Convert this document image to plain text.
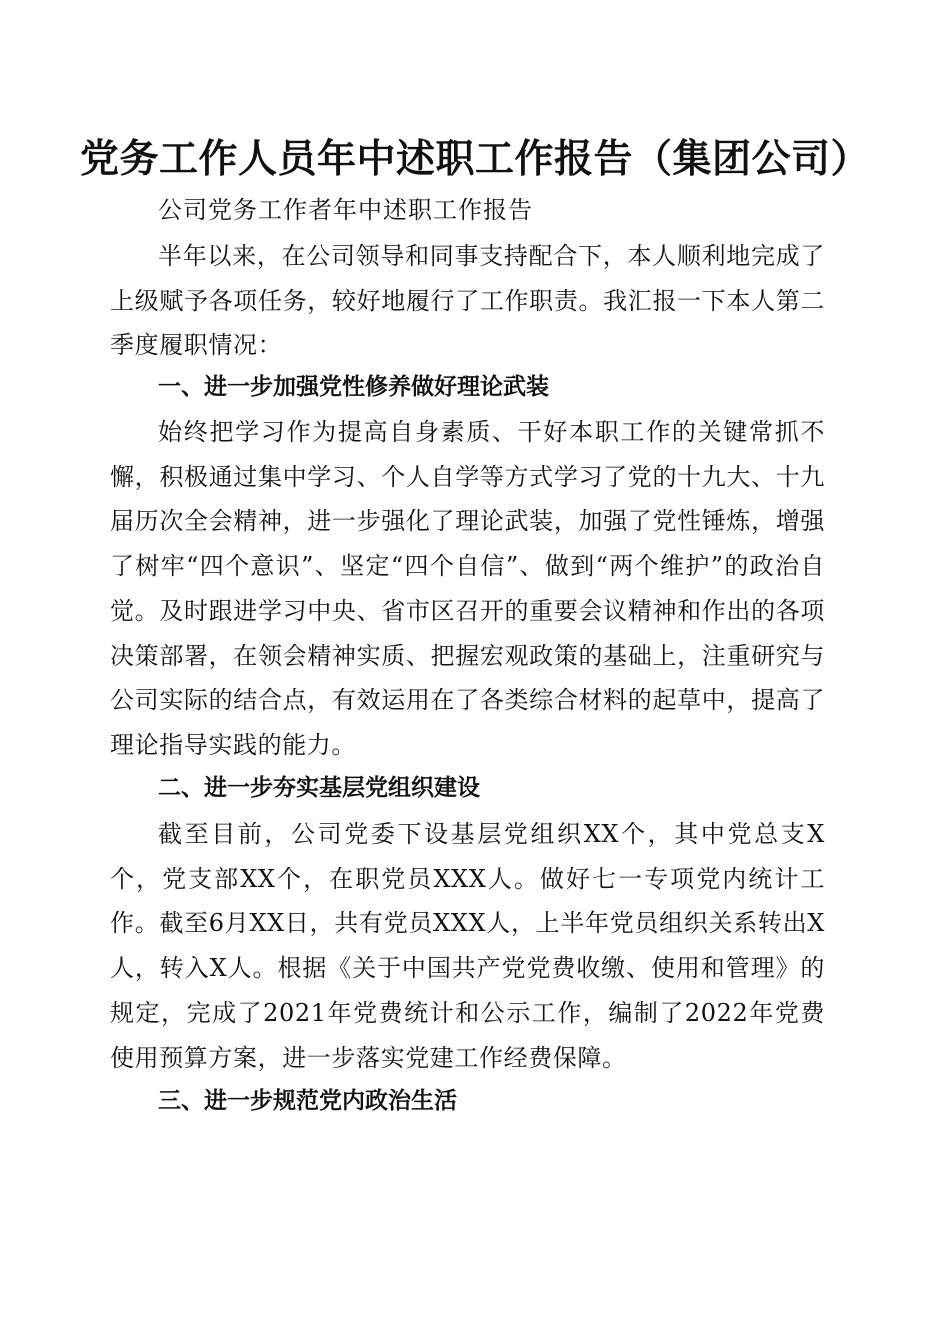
党务工作人员年中述职工作报告（集团公司）
公司党务工作者年中述职工作报告

半年以来，在公司领导和同事支持配合下，本人顺利地完成了上级赋予各项任务，较好地履行了工作职责。我汇报一下本人第二季度履职情况：

一、进一步加强党性修养做好理论武装

始终把学习作为提高自身素质、干好本职工作的关键常抓不懈，积极通过集中学习、个人自学等方式学习了党的十九大、十九届历次全会精神，进一步强化了理论武装，加强了党性锤炼，增强了树牢“四个意识”、坚定“四个自信”、做到“两个维护”的政治自觉。及时跟进学习中央、省市区召开的重要会议精神和作出的各项决策部署，在领会精神实质、把握宏观政策的基础上，注重研究与公司实际的结合点，有效运用在了各类综合材料的起草中，提高了理论指导实践的能力。

二、进一步夯实基层党组织建设

截至目前，公司党委下设基层党组织XX个，其中党总支X个，党支部XX个，在职党员XXX人。做好七一专项党内统计工作。截至6月XX日，共有党员XXX人，上半年党员组织关系转出X人，转入X人。根据《关于中国共产党党费收缴、使用和管理》的规定，完成了2021年党费统计和公示工作，编制了2022年党费使用预算方案，进一步落实党建工作经费保障。

三、进一步规范党内政治生活
